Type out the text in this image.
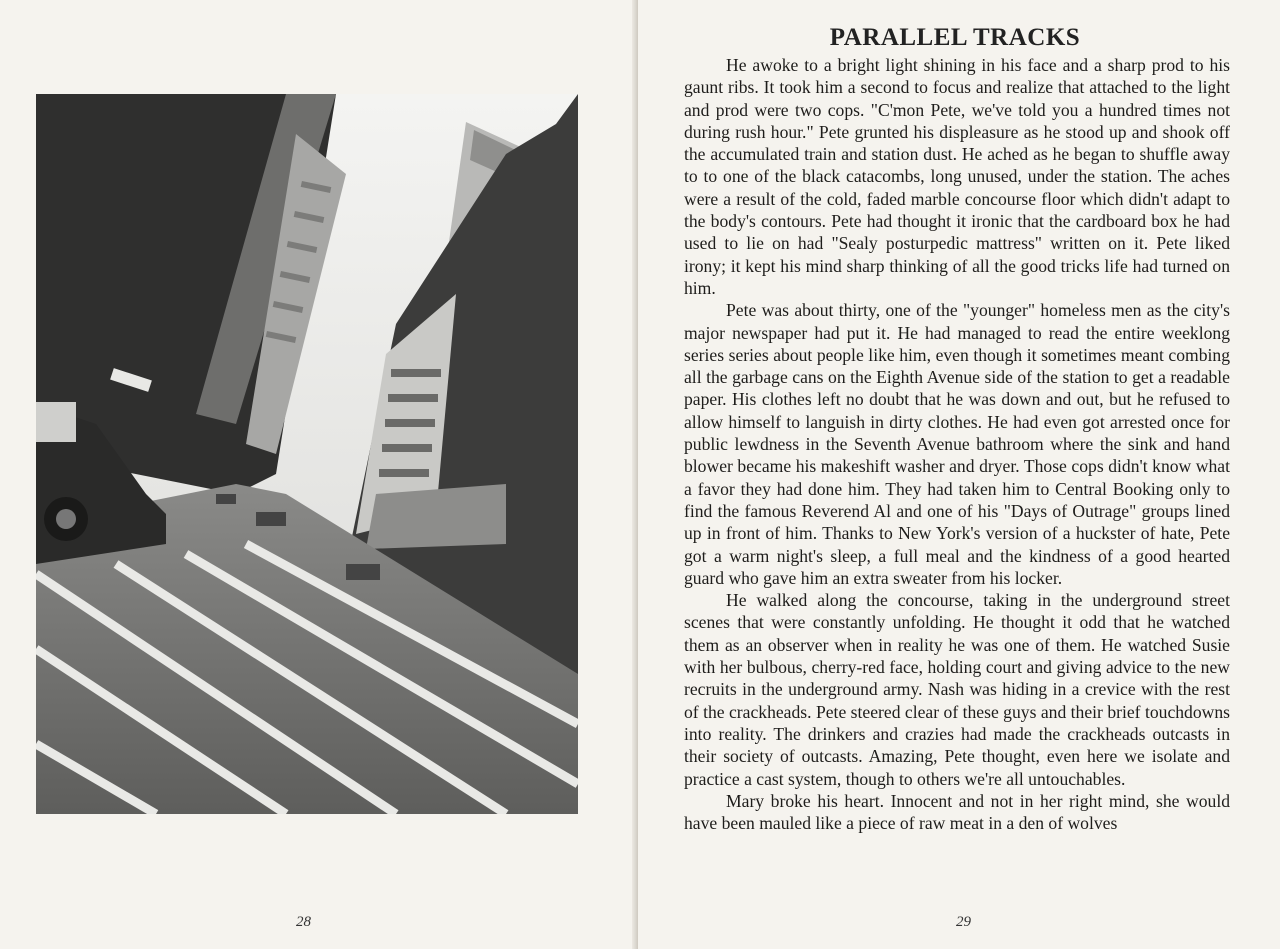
28
PARALLEL TRACKS

He awoke to a bright light shining in his face and a sharp prod to his gaunt ribs. It took him a second to focus and realize that attached to the light and prod were two cops. "C'mon Pete, we've told you a hundred times not during rush hour." Pete grunted his displeasure as he stood up and shook off the accumulated train and station dust. He ached as he began to shuffle away to to one of the black catacombs, long unused, under the station. The aches were a result of the cold, faded marble concourse floor which didn't adapt to the body's contours. Pete had thought it ironic that the cardboard box he had used to lie on had "Sealy posturpedic mattress" written on it. Pete liked irony; it kept his mind sharp thinking of all the good tricks life had turned on him.

Pete was about thirty, one of the "younger" homeless men as the city's major newspaper had put it. He had managed to read the entire weeklong series series about people like him, even though it sometimes meant combing all the garbage cans on the Eighth Avenue side of the station to get a readable paper. His clothes left no doubt that he was down and out, but he refused to allow himself to languish in dirty clothes. He had even got arrested once for public lewdness in the Seventh Avenue bathroom where the sink and hand blower became his makeshift washer and dryer. Those cops didn't know what a favor they had done him. They had taken him to Central Booking only to find the famous Reverend Al and one of his "Days of Outrage" groups lined up in front of him. Thanks to New York's version of a huckster of hate, Pete got a warm night's sleep, a full meal and the kindness of a good hearted guard who gave him an extra sweater from his locker.

He walked along the concourse, taking in the underground street scenes that were constantly unfolding. He thought it odd that he watched them as an observer when in reality he was one of them. He watched Susie with her bulbous, cherry-red face, holding court and giving advice to the new recruits in the underground army. Nash was hiding in a crevice with the rest of the crackheads. Pete steered clear of these guys and their brief touchdowns into reality. The drinkers and crazies had made the crackheads outcasts in their society of outcasts. Amazing, Pete thought, even here we isolate and practice a cast system, though to others we're all untouchables.

Mary broke his heart. Innocent and not in her right mind, she would have been mauled like a piece of raw meat in a den of wolves

29
